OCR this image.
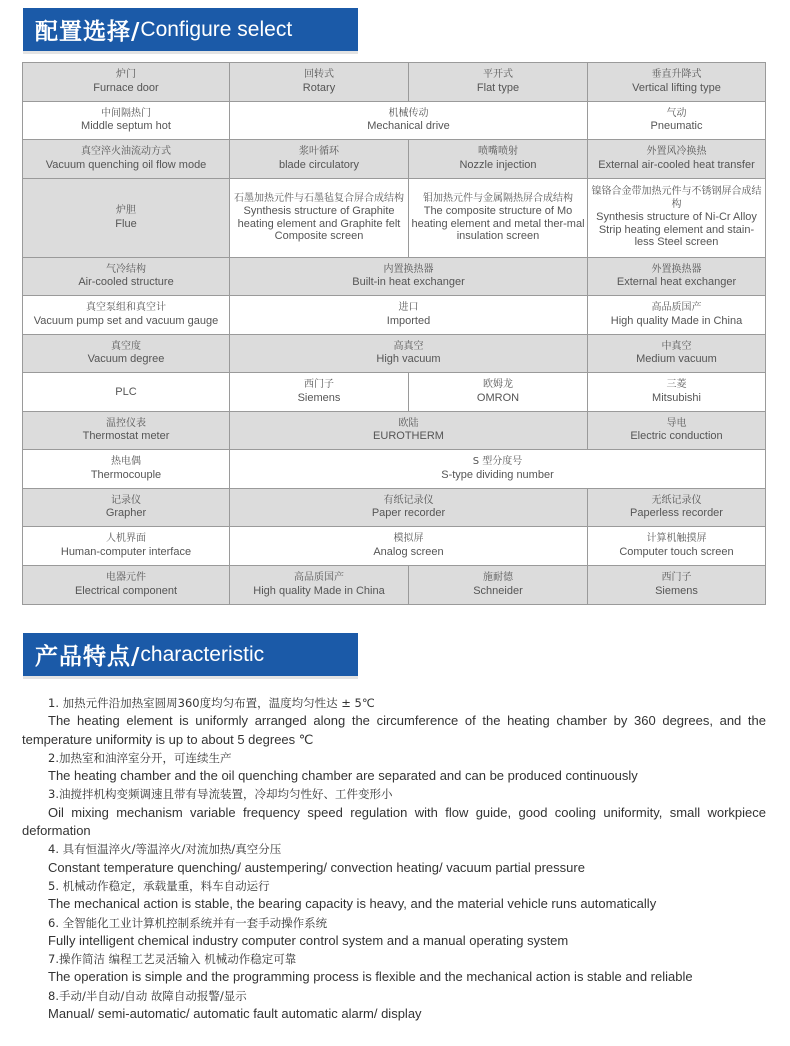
配置选择/ Configure select
炉门
Furnace door
回转式
Rotary
平开式
Flat type
垂直升降式
Vertical lifting type
中间隔热门
Middle septum hot
机械传动
Mechanical drive
气动
Pneumatic
真空淬火油流动方式
Vacuum quenching oil flow mode
浆叶循环
blade circulatory
喷嘴喷射
Nozzle injection
外置风冷换热
External air-cooled heat transfer
炉胆
Flue
石墨加热元件与石墨毡复合屏合成结构
Synthesis structure of Graphite heating element and Graphite felt Composite screen
钼加热元件与金属隔热屏合成结构
The composite structure of Mo heating element and metal ther-mal insulation screen
镍铬合金带加热元件与不锈钢屏合成结构
Synthesis structure of Ni-Cr Alloy Strip heating element and stain-less Steel screen
气冷结构
Air-cooled structure
内置换热器
Built-in heat exchanger
外置换热器
External heat exchanger
真空泵组和真空计
Vacuum pump set and vacuum gauge
进口
Imported
高品质国产
High quality Made in China
真空度
Vacuum degree
高真空
High vacuum
中真空
Medium vacuum
PLC
西门子
Siemens
欧姆龙
OMRON
三菱
Mitsubishi
温控仪表
Thermostat meter
欧陆
EUROTHERM
导电
Electric conduction
热电偶
Thermocouple
S 型分度号
S-type dividing number
记录仪
Grapher
有纸记录仪
Paper recorder
无纸记录仪
Paperless recorder
人机界面
Human-computer interface
模拟屏
Analog screen
计算机触摸屏
Computer touch screen
电器元件
Electrical component
高品质国产
High quality Made in China
施耐德
Schneider
西门子
Siemens
产品特点/ characteristic

1. 加热元件沿加热室圆周360度均匀布置，温度均匀性达 ± 5℃

The heating element is uniformly arranged along the circumference of the heating chamber by 360 degrees, and the temperature uniformity is up to about 5 degrees ℃

2.加热室和油淬室分开，可连续生产

The heating chamber and the oil quenching chamber are separated and can be produced continuously

3.油搅拌机构变频调速且带有导流装置，冷却均匀性好、工件变形小

Oil mixing mechanism variable frequency speed regulation with flow guide, good cooling uniformity, small workpiece deformation

4. 具有恒温淬火/等温淬火/对流加热/真空分压

Constant temperature quenching/ austempering/ convection heating/ vacuum partial pressure

5. 机械动作稳定，承载量重，料车自动运行

The mechanical action is stable, the bearing capacity is heavy, and the material vehicle runs automatically

6. 全智能化工业计算机控制系统并有一套手动操作系统

Fully intelligent chemical industry computer control system and a manual operating system

7.操作简洁 编程工艺灵活输入 机械动作稳定可靠

The operation is simple and the programming process is flexible and the mechanical action is stable and reliable

8.手动/半自动/自动 故障自动报警/显示

Manual/ semi-automatic/ automatic fault automatic alarm/ display
